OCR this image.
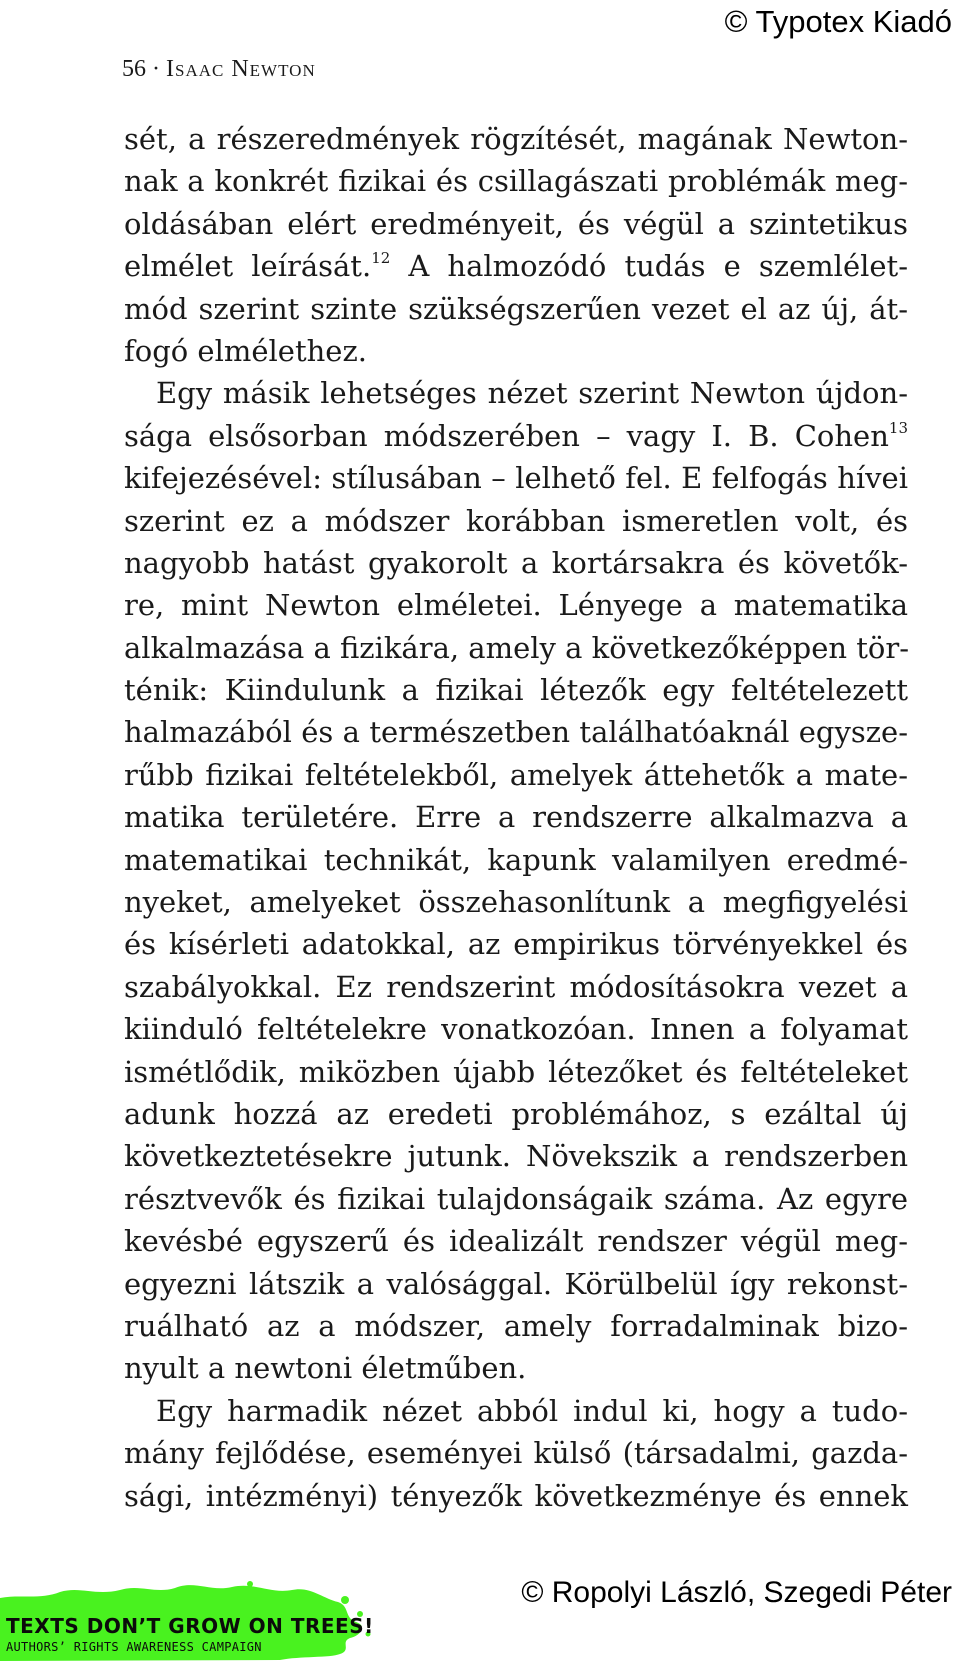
© Typotex Kiadó
56 · Isaac Newton
sét, a részeredmények rögzítését, magának Newton-
nak a konkrét fizikai és csillagászati problémák meg-
oldásában elért eredményeit, és végül a szintetikus
elmélet leírását.$^{12}$ A halmozódó tudás e szemlélet-
mód szerint szinte szükségszerűen vezet el az új, át-
fogó elmélethez.
Egy másik lehetséges nézet szerint Newton újdon-
sága elsősorban módszerében – vagy I. B. Cohen$^{13}$
kifejezésével: stílusában – lelhető fel. E felfogás hívei
szerint ez a módszer korábban ismeretlen volt, és
nagyobb hatást gyakorolt a kortársakra és követők-
re, mint Newton elméletei. Lényege a matematika
alkalmazása a fizikára, amely a következőképpen tör-
ténik: Kiindulunk a fizikai létezők egy feltételezett
halmazából és a természetben találhatóaknál egysze-
rűbb fizikai feltételekből, amelyek áttehetők a mate-
matika területére. Erre a rendszerre alkalmazva a
matematikai technikát, kapunk valamilyen eredmé-
nyeket, amelyeket összehasonlítunk a megfigyelési
és kísérleti adatokkal, az empirikus törvényekkel és
szabályokkal. Ez rendszerint módosításokra vezet a
kiinduló feltételekre vonatkozóan. Innen a folyamat
ismétlődik, miközben újabb létezőket és feltételeket
adunk hozzá az eredeti problémához, s ezáltal új
következtetésekre jutunk. Növekszik a rendszerben
résztvevők és fizikai tulajdonságaik száma. Az egyre
kevésbé egyszerű és idealizált rendszer végül meg-
egyezni látszik a valósággal. Körülbelül így rekonst-
ruálható az a módszer, amely forradalminak bizo-
nyult a newtoni életműben.
Egy harmadik nézet abból indul ki, hogy a tudo-
mány fejlődése, eseményei külső (társadalmi, gazda-
sági, intézményi) tényezők következménye és ennek
© Ropolyi László, Szegedi Péter
TEXTS DON’T GROW ON TREES!
AUTHORS’ RIGHTS AWARENESS CAMPAIGN
